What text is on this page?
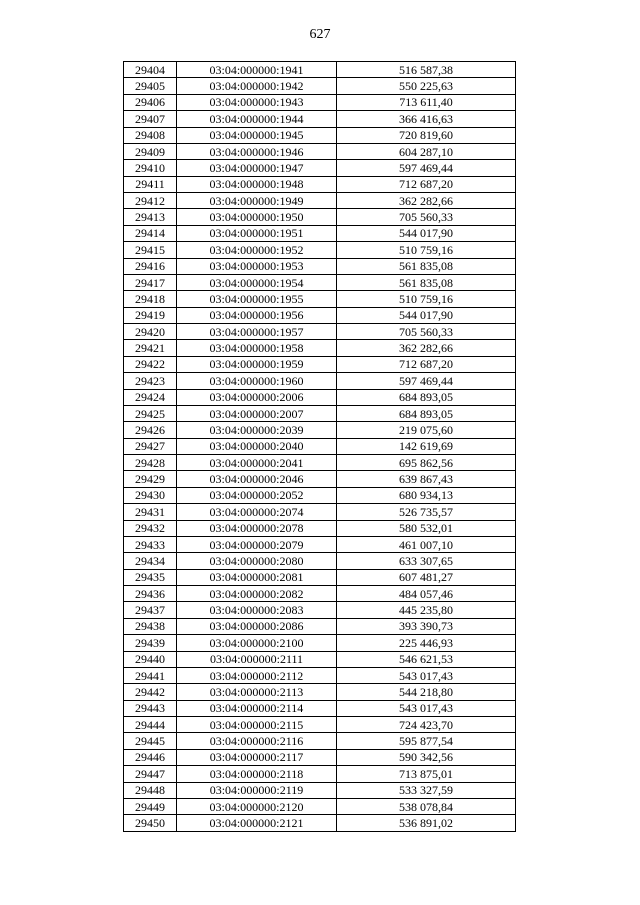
627
29404	03:04:000000:1941	516 587,38
29405	03:04:000000:1942	550 225,63
29406	03:04:000000:1943	713 611,40
29407	03:04:000000:1944	366 416,63
29408	03:04:000000:1945	720 819,60
29409	03:04:000000:1946	604 287,10
29410	03:04:000000:1947	597 469,44
29411	03:04:000000:1948	712 687,20
29412	03:04:000000:1949	362 282,66
29413	03:04:000000:1950	705 560,33
29414	03:04:000000:1951	544 017,90
29415	03:04:000000:1952	510 759,16
29416	03:04:000000:1953	561 835,08
29417	03:04:000000:1954	561 835,08
29418	03:04:000000:1955	510 759,16
29419	03:04:000000:1956	544 017,90
29420	03:04:000000:1957	705 560,33
29421	03:04:000000:1958	362 282,66
29422	03:04:000000:1959	712 687,20
29423	03:04:000000:1960	597 469,44
29424	03:04:000000:2006	684 893,05
29425	03:04:000000:2007	684 893,05
29426	03:04:000000:2039	219 075,60
29427	03:04:000000:2040	142 619,69
29428	03:04:000000:2041	695 862,56
29429	03:04:000000:2046	639 867,43
29430	03:04:000000:2052	680 934,13
29431	03:04:000000:2074	526 735,57
29432	03:04:000000:2078	580 532,01
29433	03:04:000000:2079	461 007,10
29434	03:04:000000:2080	633 307,65
29435	03:04:000000:2081	607 481,27
29436	03:04:000000:2082	484 057,46
29437	03:04:000000:2083	445 235,80
29438	03:04:000000:2086	393 390,73
29439	03:04:000000:2100	225 446,93
29440	03:04:000000:2111	546 621,53
29441	03:04:000000:2112	543 017,43
29442	03:04:000000:2113	544 218,80
29443	03:04:000000:2114	543 017,43
29444	03:04:000000:2115	724 423,70
29445	03:04:000000:2116	595 877,54
29446	03:04:000000:2117	590 342,56
29447	03:04:000000:2118	713 875,01
29448	03:04:000000:2119	533 327,59
29449	03:04:000000:2120	538 078,84
29450	03:04:000000:2121	536 891,02
